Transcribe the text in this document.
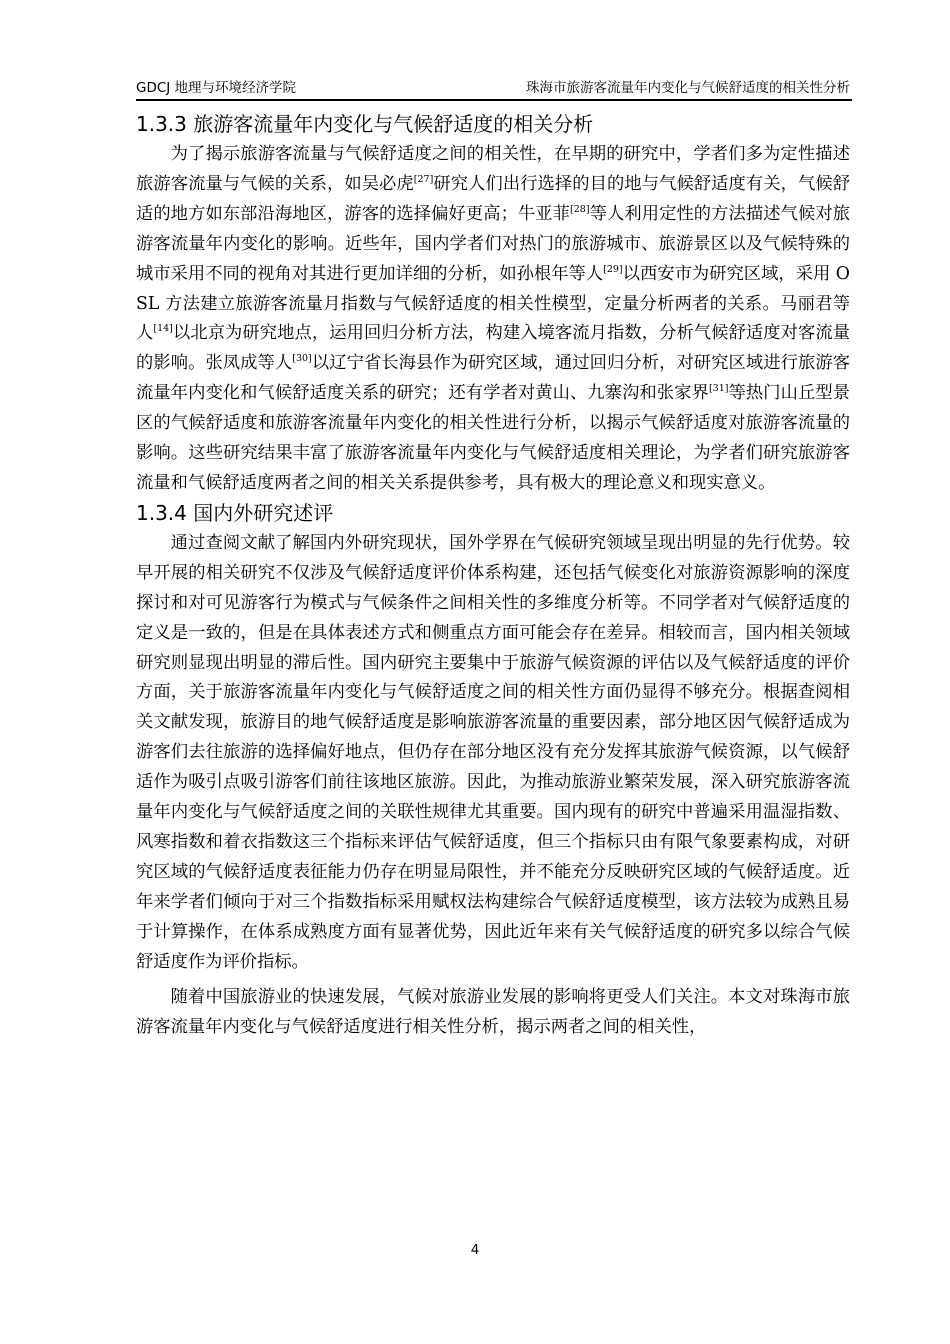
GDCJ 地理与环境经济学院	珠海市旅游客流量年内变化与气候舒适度的相关性分析
1.3.3 旅游客流量年内变化与气候舒适度的相关分析

为了揭示旅游客流量与气候舒适度之间的相关性，在早期的研究中，学者们多为定性描述旅游客流量与气候的关系，如吴必虎[27]研究人们出行选择的目的地与气候舒适度有关，气候舒适的地方如东部沿海地区，游客的选择偏好更高；牛亚菲[28]等人利用定性的方法描述气候对旅游客流量年内变化的影响。近些年，国内学者们对热门的旅游城市、旅游景区以及气候特殊的城市采用不同的视角对其进行更加详细的分析，如孙根年等人[29]以西安市为研究区域，采用 OSL 方法建立旅游客流量月指数与气候舒适度的相关性模型，定量分析两者的关系。马丽君等人[14]以北京为研究地点，运用回归分析方法，构建入境客流月指数，分析气候舒适度对客流量的影响。张凤成等人[30]以辽宁省长海县作为研究区域，通过回归分析，对研究区域进行旅游客流量年内变化和气候舒适度关系的研究；还有学者对黄山、九寨沟和张家界[31]等热门山丘型景区的气候舒适度和旅游客流量年内变化的相关性进行分析，以揭示气候舒适度对旅游客流量的影响。这些研究结果丰富了旅游客流量年内变化与气候舒适度相关理论，为学者们研究旅游客流量和气候舒适度两者之间的相关关系提供参考，具有极大的理论意义和现实意义。

1.3.4 国内外研究述评

通过查阅文献了解国内外研究现状，国外学界在气候研究领域呈现出明显的先行优势。较早开展的相关研究不仅涉及气候舒适度评价体系构建，还包括气候变化对旅游资源影响的深度探讨和对可见游客行为模式与气候条件之间相关性的多维度分析等。不同学者对气候舒适度的定义是一致的，但是在具体表述方式和侧重点方面可能会存在差异。相较而言，国内相关领域研究则显现出明显的滞后性。国内研究主要集中于旅游气候资源的评估以及气候舒适度的评价方面，关于旅游客流量年内变化与气候舒适度之间的相关性方面仍显得不够充分。根据查阅相关文献发现，旅游目的地气候舒适度是影响旅游客流量的重要因素，部分地区因气候舒适成为游客们去往旅游的选择偏好地点，但仍存在部分地区没有充分发挥其旅游气候资源，以气候舒适作为吸引点吸引游客们前往该地区旅游。因此，为推动旅游业繁荣发展，深入研究旅游客流量年内变化与气候舒适度之间的关联性规律尤其重要。国内现有的研究中普遍采用温湿指数、风寒指数和着衣指数这三个指标来评估气候舒适度，但三个指标只由有限气象要素构成，对研究区域的气候舒适度表征能力仍存在明显局限性，并不能充分反映研究区域的气候舒适度。近年来学者们倾向于对三个指数指标采用赋权法构建综合气候舒适度模型，该方法较为成熟且易于计算操作，在体系成熟度方面有显著优势，因此近年来有关气候舒适度的研究多以综合气候舒适度作为评价指标。

随着中国旅游业的快速发展，气候对旅游业发展的影响将更受人们关注。本文对珠海市旅游客流量年内变化与气候舒适度进行相关性分析，揭示两者之间的相关性，

4
